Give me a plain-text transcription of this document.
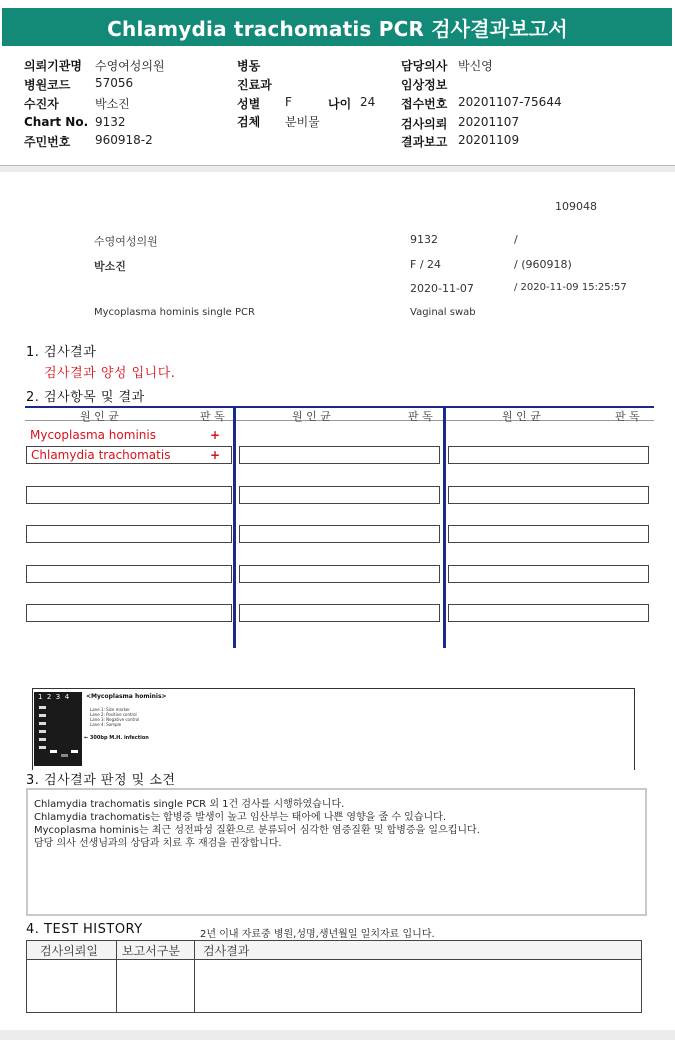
Chlamydia trachomatis PCR 검사결과보고서
의뢰기관명 수영여성의원
병원코드 57056
수진자	박소진
Chart No. 9132
주민번호 960918-2
병동
진료과
성별 F	나이 24
검체 분비물
담당의사 박신영
임상정보
접수번호 20201107-75644
검사의뢰 20201107
결과보고 20201109
109048
수영여성의원	9132	/
박소진	F / 24	/ (960918)
2020-11-07	/ 2020-11-09 15:25:57
Mycoplasma hominis single PCR	Vaginal swab
1. 검사결과
검사결과 양성 입니다.
2. 검사항목 및 결과
원 인 균	판 독	원 인 균	판 독	원 인 균	판 독
Mycoplasma hominis	+
Chlamydia trachomatis	+
1  2  3  4	<Mycoplasma hominis>
Lane 1: Size marker
Lane 2: Positive control
Lane 3: Negative control
Lane 4: Sample
← 300bp M.H. infection
3. 검사결과 판정 및 소견
Chlamydia trachomatis single PCR 외 1건 검사를 시행하였습니다.
Chlamydia trachomatis는 합병증 발생이 높고 임산부는 태아에 나쁜 영향을 줄 수 있습니다.
Mycoplasma hominis는 최근 성전파성 질환으로 분류되어 심각한 염증질환 및 합병증을 일으킵니다.
담당 의사 선생님과의 상담과 치료 후 재검을 권장합니다.
4. TEST HISTORY	2년 이내 자료중 병원,성명,생년월일 일치자료 입니다.
검사의뢰일 보고서구분 검사결과
